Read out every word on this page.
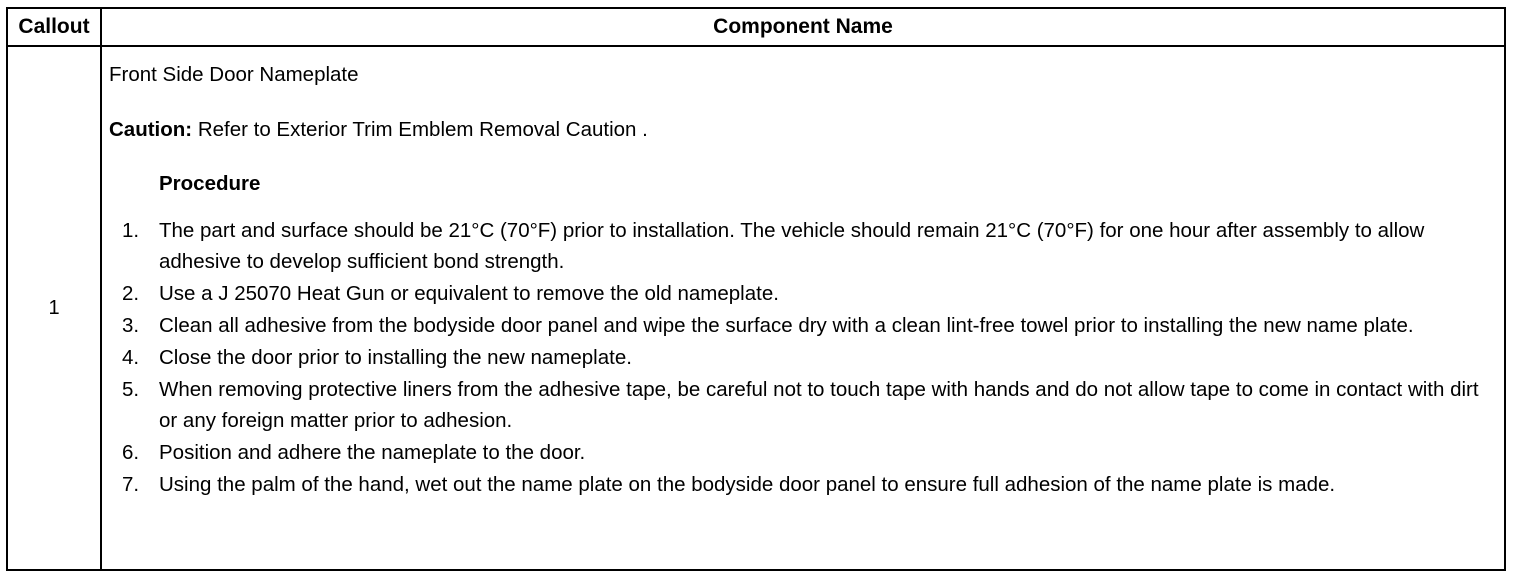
Callout	Component Name
1
Front Side Door Nameplate
Caution: Refer to Exterior Trim Emblem Removal Caution .
Procedure
1. The part and surface should be 21°C (70°F) prior to installation. The vehicle should remain 21°C (70°F) for one hour after assembly to allow adhesive to develop sufficient bond strength.
2. Use a J 25070 Heat Gun or equivalent to remove the old nameplate.
3. Clean all adhesive from the bodyside door panel and wipe the surface dry with a clean lint-free towel prior to installing the new name plate.
4. Close the door prior to installing the new nameplate.
5. When removing protective liners from the adhesive tape, be careful not to touch tape with hands and do not allow tape to come in contact with dirt or any foreign matter prior to adhesion.
6. Position and adhere the nameplate to the door.
7. Using the palm of the hand, wet out the name plate on the bodyside door panel to ensure full adhesion of the name plate is made.
